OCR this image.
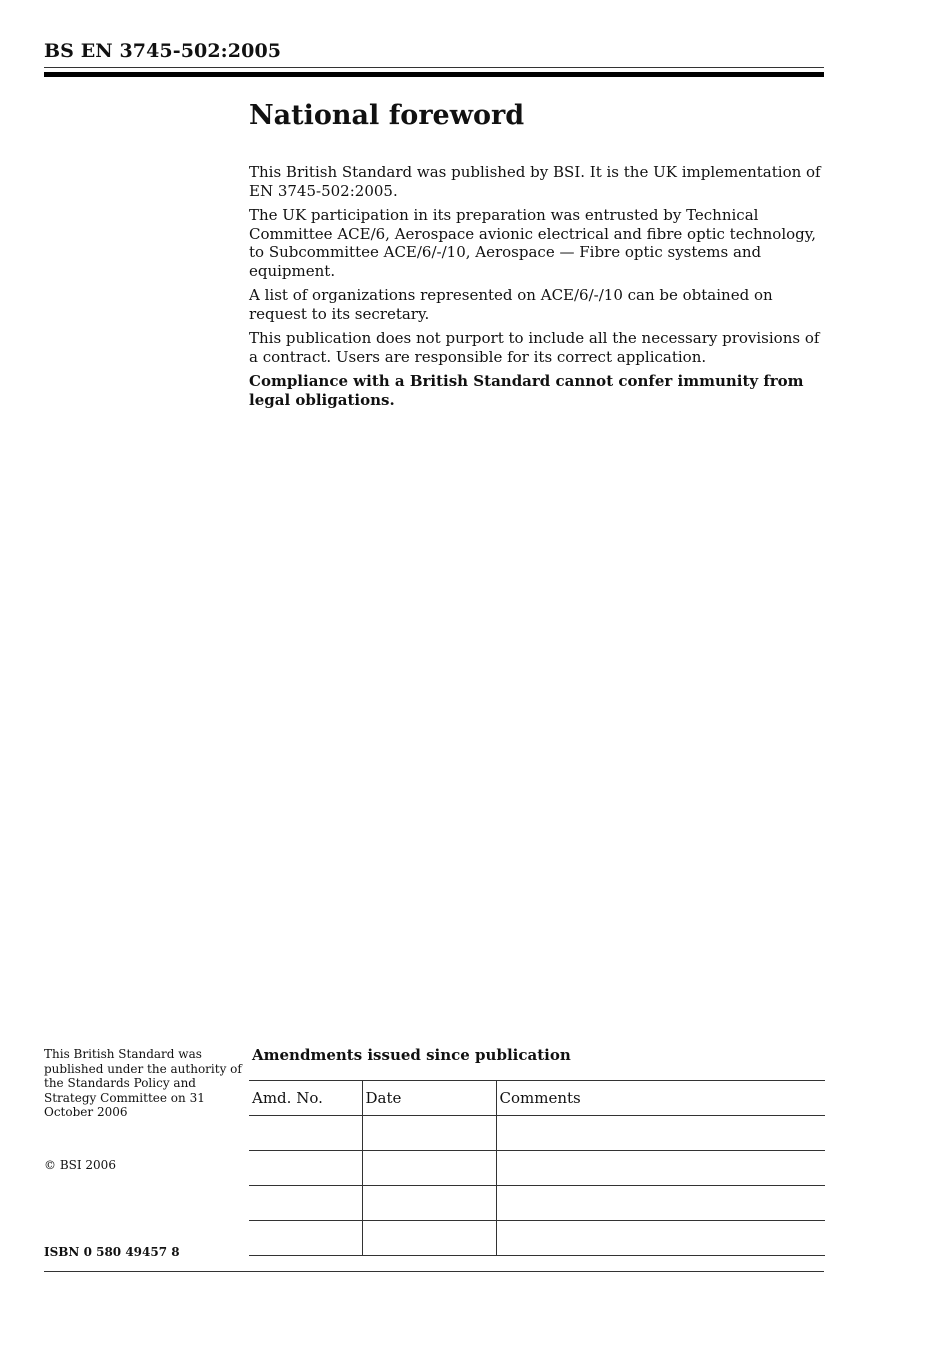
BS EN 3745-502:2005
National foreword

This British Standard was published by BSI. It is the UK implementation of EN 3745-502:2005.

The UK participation in its preparation was entrusted by Technical Committee ACE/6, Aerospace avionic electrical and fibre optic technology, to Subcommittee ACE/6/-/10, Aerospace — Fibre optic systems and equipment.

A list of organizations represented on ACE/6/-/10 can be obtained on request to its secretary.

This publication does not purport to include all the necessary provisions of a contract. Users are responsible for its correct application.

Compliance with a British Standard cannot confer immunity from legal obligations.

This British Standard was published under the authority of the Standards Policy and Strategy Committee on 31 October 2006
© BSI 2006
ISBN 0 580 49457 8
Amendments issued since publication
Amd. No.	Date	Comments
